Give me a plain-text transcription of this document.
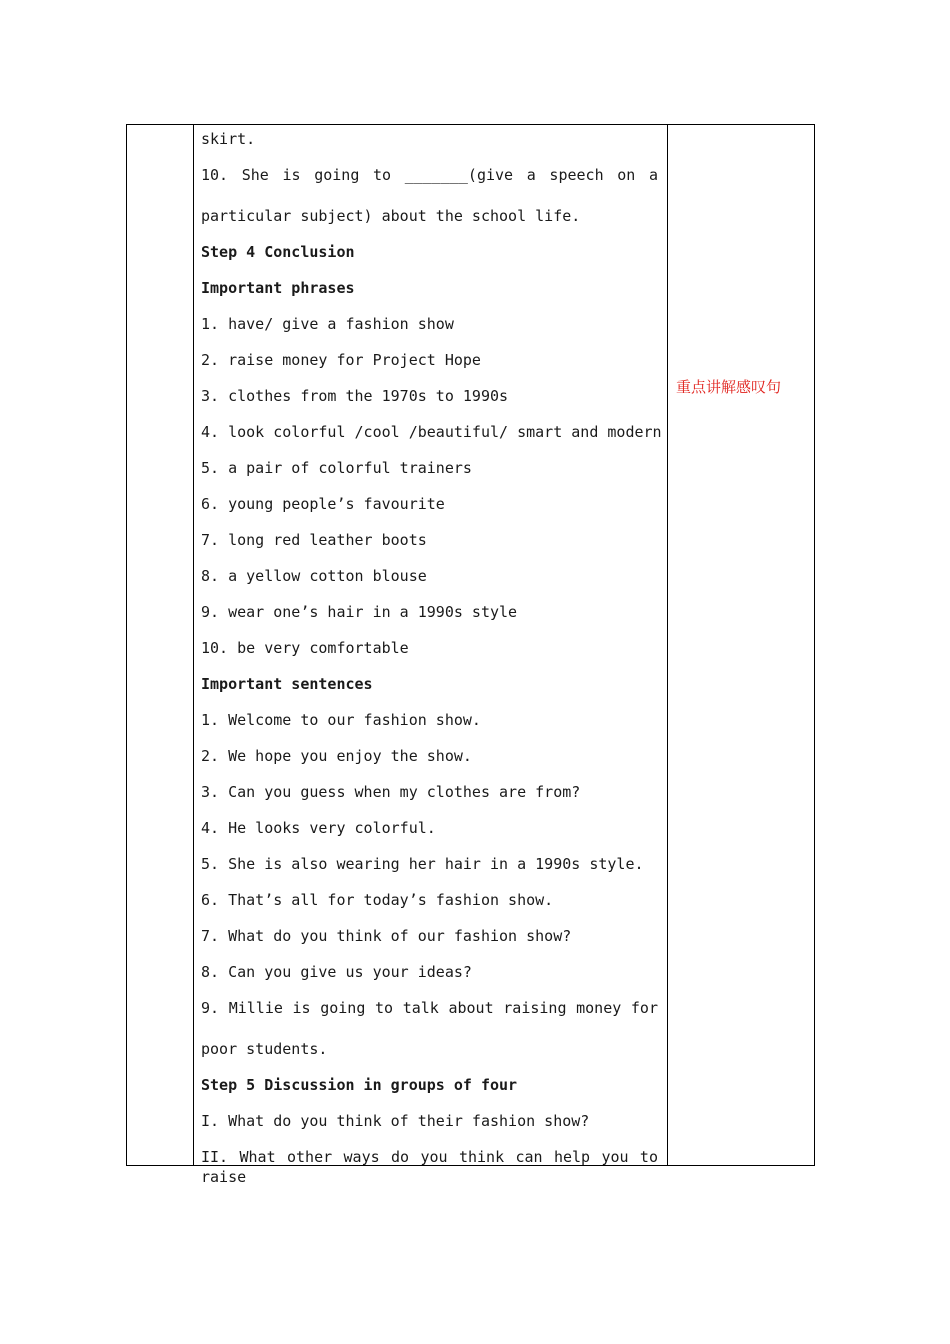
skirt.
10. She is going to _______(give a speech on a
particular subject) about the school life.
Step 4 Conclusion
Important phrases
1. have/ give a fashion show
2. raise money for Project Hope
3. clothes from the 1970s to 1990s
4. look colorful /cool /beautiful/ smart and modern
5. a pair of colorful trainers
6. young people’s favourite
7. long red leather boots
8. a yellow cotton blouse
9. wear one’s hair in a 1990s style
10. be very comfortable
Important sentences
1. Welcome to our fashion show.
2. We hope you enjoy the show.
3. Can you guess when my clothes are from?
4. He looks very colorful.
5. She is also wearing her hair in a 1990s style.
6. That’s all for today’s fashion show.
7. What do you think of our fashion show?
8. Can you give us your ideas?
9. Millie is going to talk about raising money for
poor students.
Step 5 Discussion in groups of four
I. What do you think of their fashion show?
II. What other ways do you think can help you to raise
重点讲解感叹句
